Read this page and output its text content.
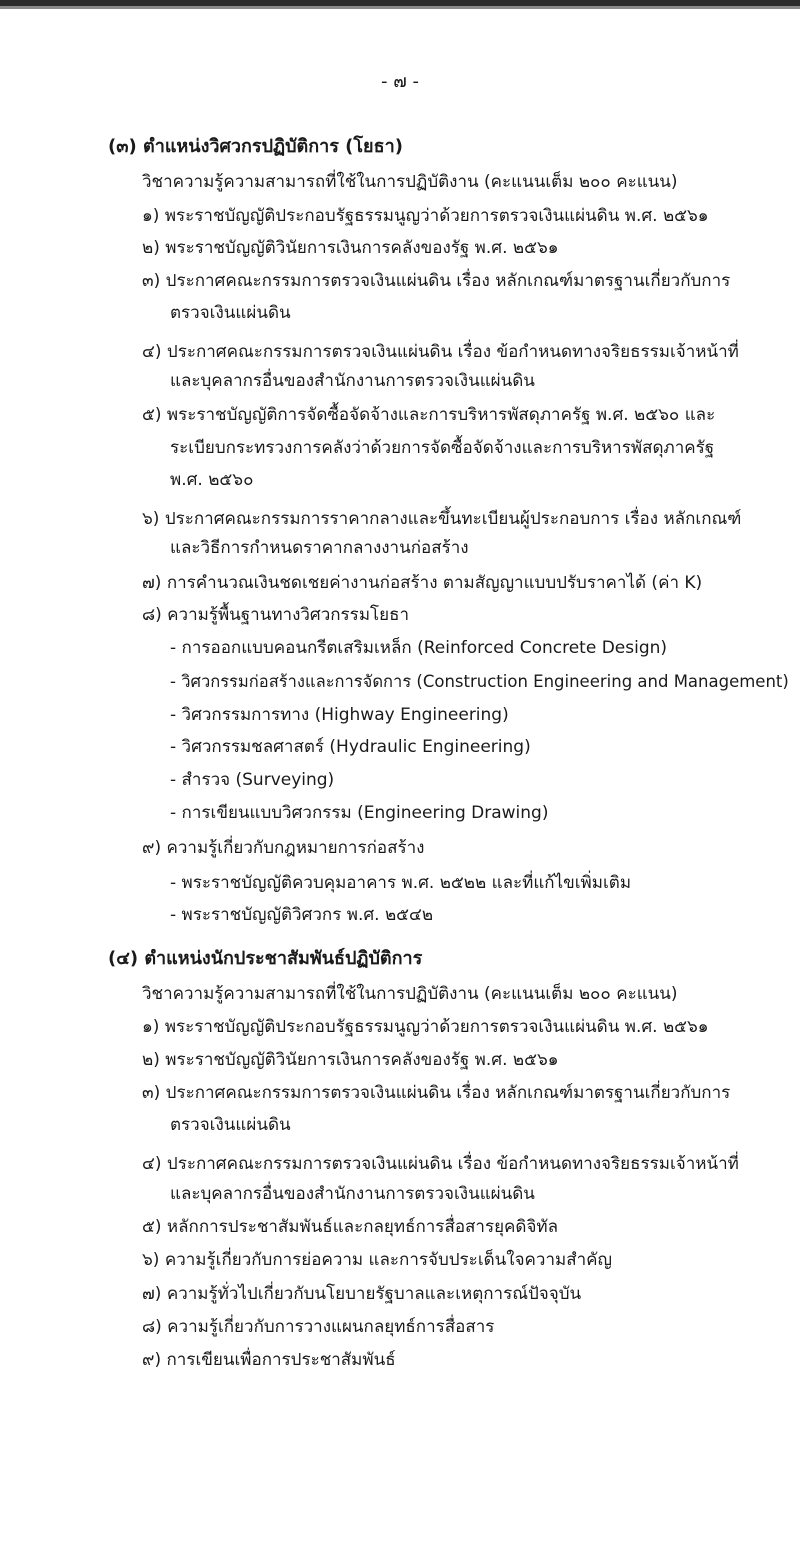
- ๗ -
(๓) ตำแหน่งวิศวกรปฏิบัติการ (โยธา)
วิชาความรู้ความสามารถที่ใช้ในการปฏิบัติงาน (คะแนนเต็ม ๒๐๐ คะแนน)
๑) พระราชบัญญัติประกอบรัฐธรรมนูญว่าด้วยการตรวจเงินแผ่นดิน พ.ศ. ๒๕๖๑
๒) พระราชบัญญัติวินัยการเงินการคลังของรัฐ พ.ศ. ๒๕๖๑
๓) ประกาศคณะกรรมการตรวจเงินแผ่นดิน เรื่อง หลักเกณฑ์มาตรฐานเกี่ยวกับการ
ตรวจเงินแผ่นดิน
๔) ประกาศคณะกรรมการตรวจเงินแผ่นดิน เรื่อง ข้อกำหนดทางจริยธรรมเจ้าหน้าที่
และบุคลากรอื่นของสำนักงานการตรวจเงินแผ่นดิน
๕) พระราชบัญญัติการจัดซื้อจัดจ้างและการบริหารพัสดุภาครัฐ พ.ศ. ๒๕๖๐ และ
ระเบียบกระทรวงการคลังว่าด้วยการจัดซื้อจัดจ้างและการบริหารพัสดุภาครัฐ
พ.ศ. ๒๕๖๐
๖) ประกาศคณะกรรมการราคากลางและขึ้นทะเบียนผู้ประกอบการ เรื่อง หลักเกณฑ์
และวิธีการกำหนดราคากลางงานก่อสร้าง
๗) การคำนวณเงินชดเชยค่างานก่อสร้าง ตามสัญญาแบบปรับราคาได้ (ค่า K)
๘) ความรู้พื้นฐานทางวิศวกรรมโยธา
- การออกแบบคอนกรีตเสริมเหล็ก (Reinforced Concrete Design)
- วิศวกรรมก่อสร้างและการจัดการ (Construction Engineering and Management)
- วิศวกรรมการทาง (Highway Engineering)
- วิศวกรรมชลศาสตร์ (Hydraulic Engineering)
- สำรวจ (Surveying)
- การเขียนแบบวิศวกรรม (Engineering Drawing)
๙) ความรู้เกี่ยวกับกฎหมายการก่อสร้าง
- พระราชบัญญัติควบคุมอาคาร พ.ศ. ๒๕๒๒ และที่แก้ไขเพิ่มเติม
- พระราชบัญญัติวิศวกร พ.ศ. ๒๕๔๒
(๔) ตำแหน่งนักประชาสัมพันธ์ปฏิบัติการ
วิชาความรู้ความสามารถที่ใช้ในการปฏิบัติงาน (คะแนนเต็ม ๒๐๐ คะแนน)
๑) พระราชบัญญัติประกอบรัฐธรรมนูญว่าด้วยการตรวจเงินแผ่นดิน พ.ศ. ๒๕๖๑
๒) พระราชบัญญัติวินัยการเงินการคลังของรัฐ พ.ศ. ๒๕๖๑
๓) ประกาศคณะกรรมการตรวจเงินแผ่นดิน เรื่อง หลักเกณฑ์มาตรฐานเกี่ยวกับการ
ตรวจเงินแผ่นดิน
๔) ประกาศคณะกรรมการตรวจเงินแผ่นดิน เรื่อง ข้อกำหนดทางจริยธรรมเจ้าหน้าที่
และบุคลากรอื่นของสำนักงานการตรวจเงินแผ่นดิน
๕) หลักการประชาสัมพันธ์และกลยุทธ์การสื่อสารยุคดิจิทัล
๖) ความรู้เกี่ยวกับการย่อความ และการจับประเด็นใจความสำคัญ
๗) ความรู้ทั่วไปเกี่ยวกับนโยบายรัฐบาลและเหตุการณ์ปัจจุบัน
๘) ความรู้เกี่ยวกับการวางแผนกลยุทธ์การสื่อสาร
๙) การเขียนเพื่อการประชาสัมพันธ์
